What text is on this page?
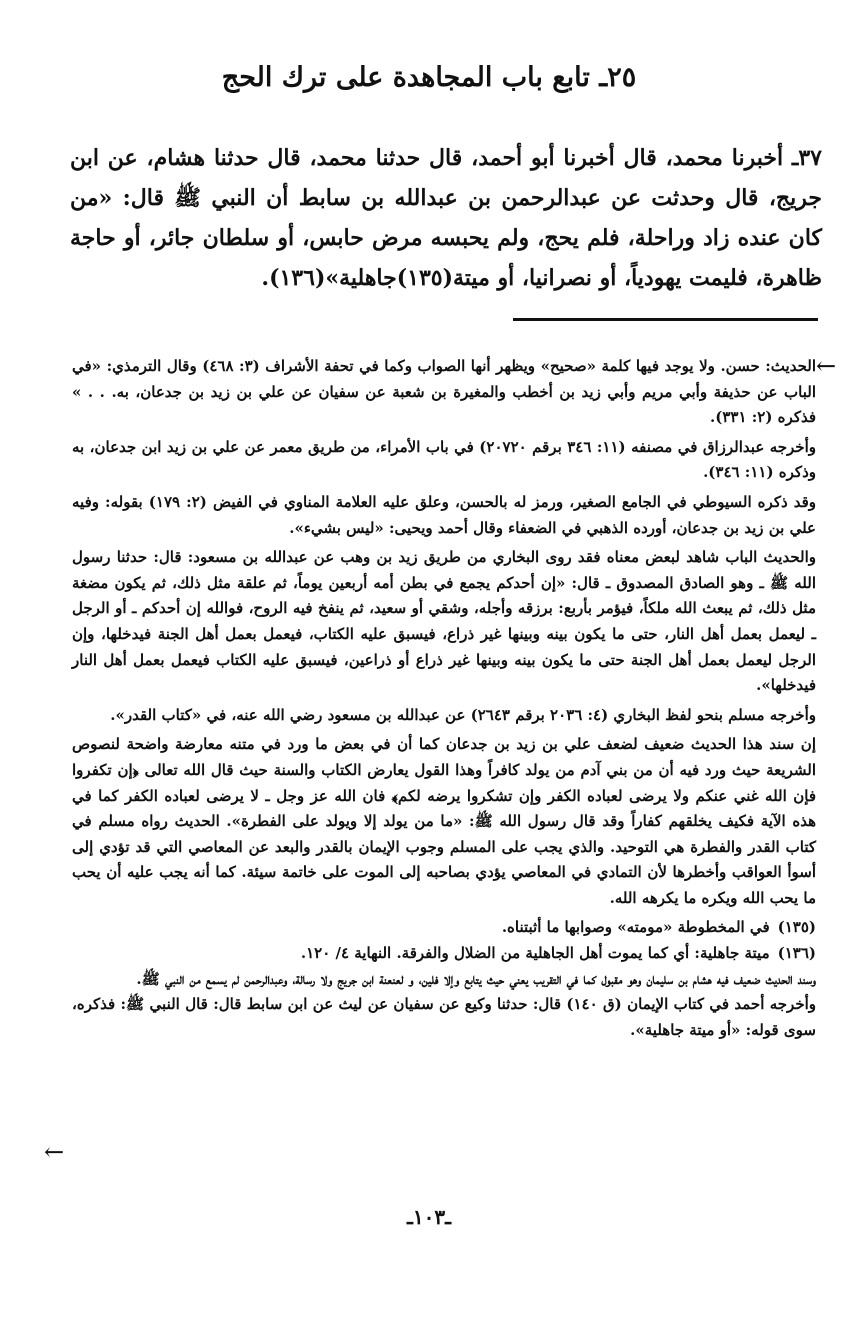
٢٥ـ تابع باب المجاهدة على ترك الحج

٣٧ـ أخبرنا محمد، قال أخبرنا أبو أحمد، قال حدثنا محمد، قال حدثنا هشام، عن ابن جريج، قال وحدثت عن عبدالرحمن بن عبدالله بن سابط أن النبي ﷺ قال: «من كان عنده زاد وراحلة، فلم يحج، ولم يحبسه مرض حابس، أو سلطان جائر، أو حاجة ظاهرة، فليمت يهودياً، أو نصرانيا، أو ميتة(١٣٥)جاهلية»(١٣٦).

←

الحديث: حسن. ولا يوجد فيها كلمة «صحيح» ويظهر أنها الصواب وكما في تحفة الأشراف (٣: ٤٦٨) وقال الترمذي: «في الباب عن حذيفة وأبي مريم وأبي زيد بن أخطب والمغيرة بن شعبة عن سفيان عن علي بن زيد بن جدعان، به. . . » فذكره (٢: ٣٣١).

وأخرجه عبدالرزاق في مصنفه (١١: ٣٤٦ برقم ٢٠٧٢٠) في باب الأمراء، من طريق معمر عن علي بن زيد ابن جدعان، به وذكره (١١: ٣٤٦).

وقد ذكره السيوطي في الجامع الصغير، ورمز له بالحسن، وعلق عليه العلامة المناوي في الفيض (٢: ١٧٩) بقوله: وفيه علي بن زيد بن جدعان، أورده الذهبي في الضعفاء وقال أحمد ويحيى: «ليس بشيء».

والحديث الباب شاهد لبعض معناه فقد روى البخاري من طريق زيد بن وهب عن عبدالله بن مسعود: قال: حدثنا رسول الله ﷺ ـ وهو الصادق المصدوق ـ قال: «إن أحدكم يجمع في بطن أمه أربعين يوماً، ثم علقة مثل ذلك، ثم يكون مضغة مثل ذلك، ثم يبعث الله ملكاً، فيؤمر بأربع: برزقه وأجله، وشقي أو سعيد، ثم ينفخ فيه الروح، فوالله إن أحدكم ـ أو الرجل ـ ليعمل بعمل أهل النار، حتى ما يكون بينه وبينها غير ذراع، فيسبق عليه الكتاب، فيعمل بعمل أهل الجنة فيدخلها، وإن الرجل ليعمل بعمل أهل الجنة حتى ما يكون بينه وبينها غير ذراع أو ذراعين، فيسبق عليه الكتاب فيعمل بعمل أهل النار فيدخلها».

وأخرجه مسلم بنحو لفظ البخاري (٤: ٢٠٣٦ برقم ٢٦٤٣) عن عبدالله بن مسعود رضي الله عنه، في «كتاب القدر».

إن سند هذا الحديث ضعيف لضعف علي بن زيد بن جدعان كما أن في بعض ما ورد في متنه معارضة واضحة لنصوص الشريعة حيث ورد فيه أن من بني آدم من يولد كافراً وهذا القول يعارض الكتاب والسنة حيث قال الله تعالى ﴿إن تكفروا فإن الله غني عنكم ولا يرضى لعباده الكفر وإن تشكروا يرضه لكم﴾ فان الله عز وجل ـ لا يرضى لعباده الكفر كما في هذه الآية فكيف يخلقهم كفاراً وقد قال رسول الله ﷺ: «ما من يولد إلا ويولد على الفطرة». الحديث رواه مسلم في كتاب القدر والفطرة هي التوحيد. والذي يجب على المسلم وجوب الإيمان بالقدر والبعد عن المعاصي التي قد تؤدي إلى أسوأ العواقب وأخطرها لأن التمادي في المعاصي يؤدي بصاحبه إلى الموت على خاتمة سيئة. كما أنه يجب عليه أن يحب ما يحب الله ويكره ما يكرهه الله.

(١٣٥)
في المخطوطة «مومته» وصوابها ما أثبتناه.
(١٣٦)
ميتة جاهلية: أي كما يموت أهل الجاهلية من الضلال والفرقة. النهاية ٤/ ١٢٠.

وسند الحديث ضعيف فيه هشام بن سليمان وهو مقبول كما في التقريب يعني حيث يتابع وإلا فلين، و لعنعنة ابن جريج ولا رسالة، وعبدالرحمن لم يسمع من النبي ﷺ.

وأخرجه أحمد في كتاب الإيمان (ق ١٤٠) قال: حدثنا وكيع عن سفيان عن ليث عن ابن سابط قال: قال النبي ﷺ: فذكره، سوى قوله: «أو ميتة جاهلية».

←
ـ١٠٣ـ
